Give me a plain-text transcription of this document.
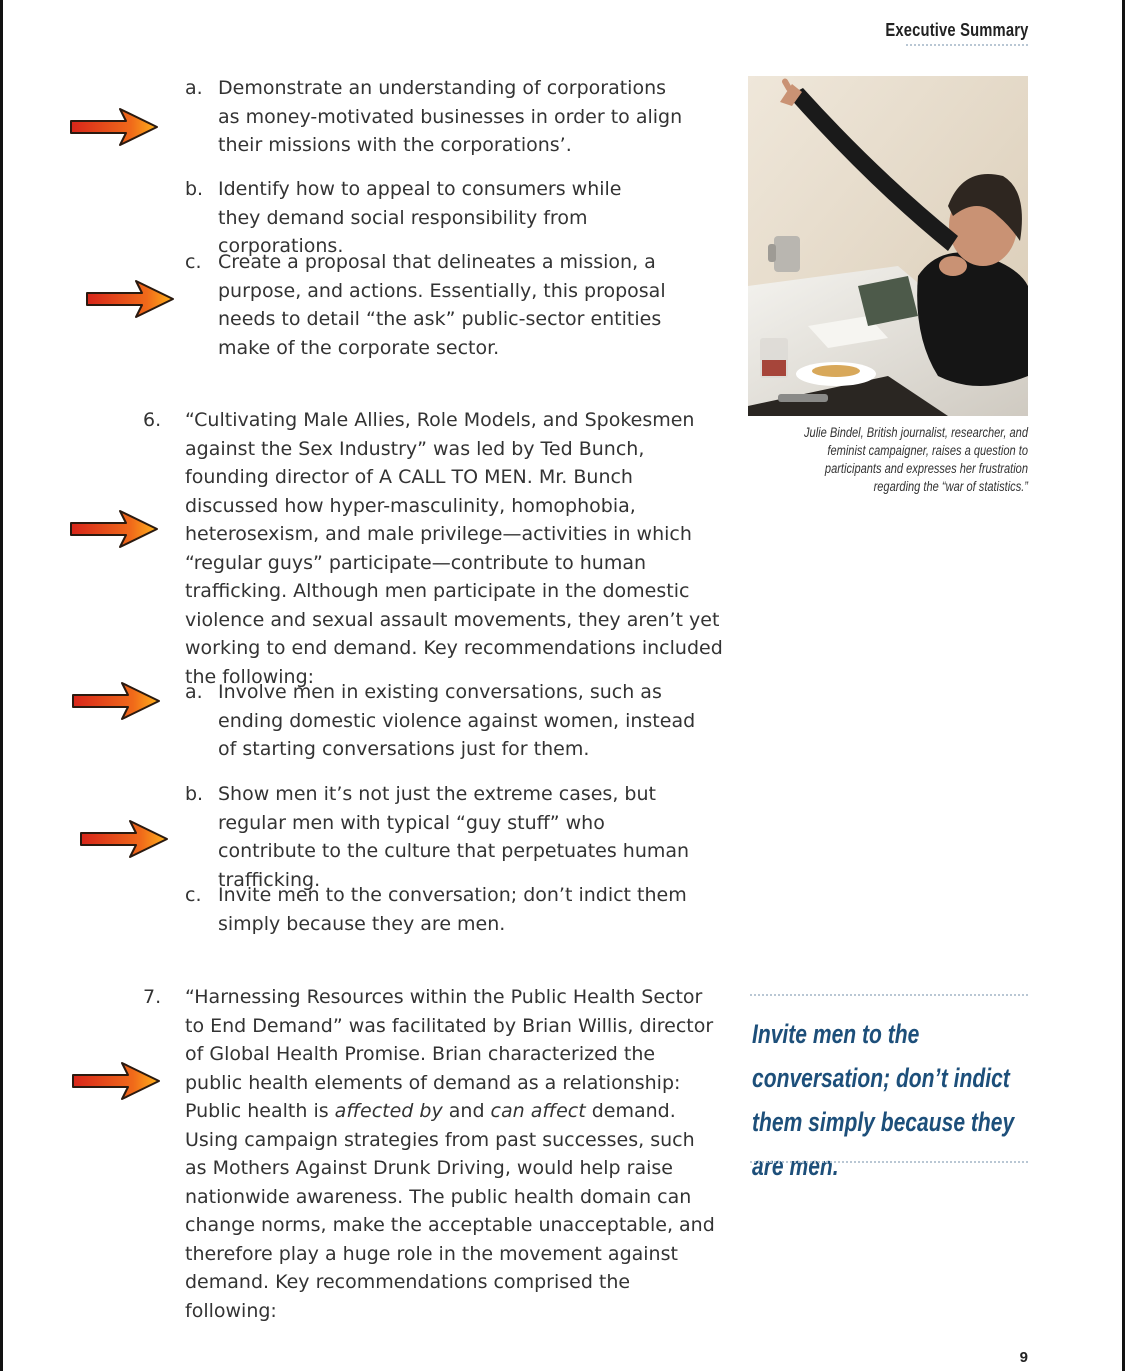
Executive Summary
a. Demonstrate an understanding of corporations as money-motivated businesses in order to align their missions with the corporations’.
b. Identify how to appeal to consumers while they demand social responsibility from corporations.
c. Create a proposal that delineates a mission, a purpose, and actions. Essentially, this proposal needs to detail “the ask” public-sector entities make of the corporate sector.
6.	“Cultivating Male Allies, Role Models, and Spokesmen against the Sex Industry” was led by Ted Bunch, founding director of A CALL TO MEN. Mr. Bunch discussed how hyper-masculinity, homophobia, heterosexism, and male privilege—activities in which “regular guys” participate—contribute to human trafficking. Although men participate in the domestic violence and sexual assault movements, they aren’t yet working to end demand. Key recommendations included the following:
a. Involve men in existing conversations, such as ending domestic violence against women, instead of starting conversations just for them.
b. Show men it’s not just the extreme cases, but regular men with typical “guy stuff” who contribute to the culture that perpetuates human trafficking.
c. Invite men to the conversation; don’t indict them simply because they are men.
7.	“Harnessing Resources within the Public Health Sector to End Demand” was facilitated by Brian Willis, director of Global Health Promise. Brian characterized the public health elements of demand as a relationship: Public health is affected by and can affect demand. Using campaign strategies from past successes, such as Mothers Against Drunk Driving, would help raise nationwide awareness. The public health domain can change norms, make the acceptable unacceptable, and therefore play a huge role in the movement against demand. Key recommendations comprised the following:
Julie Bindel, British journalist, researcher, and feminist campaigner, raises a question to participants and expresses her frustration regarding the “war of statistics.”
Invite men to the conversation; don’t indict them simply because they are men.
9
